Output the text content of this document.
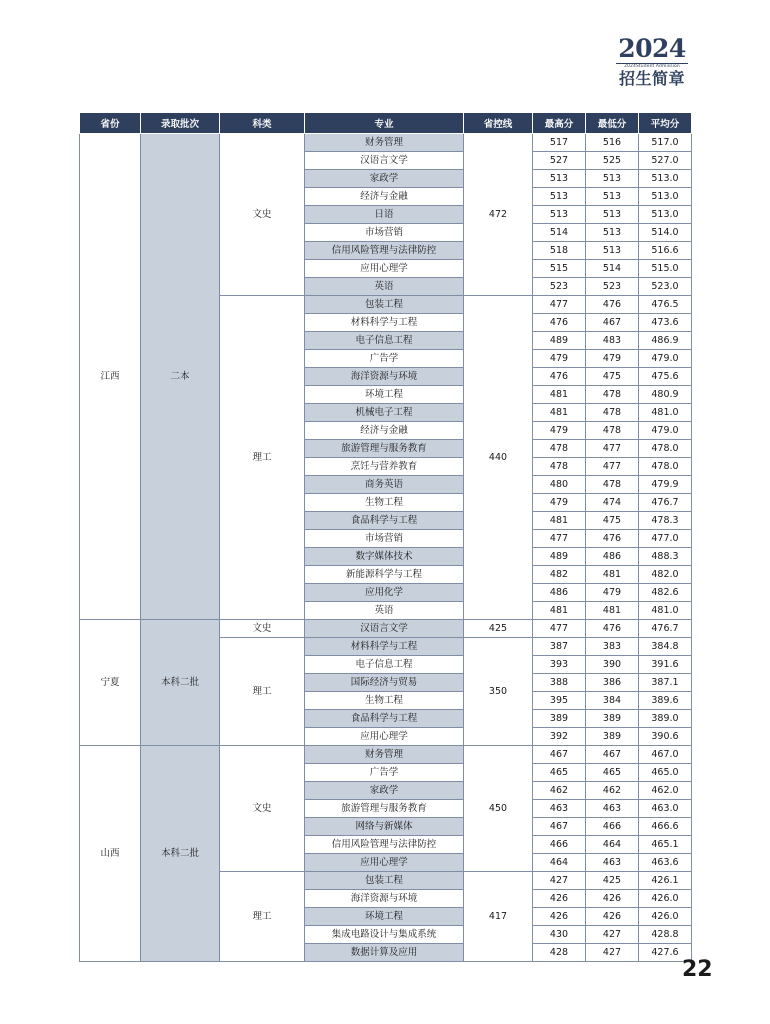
2024
2024Student Admission
招生简章
省份	录取批次	科类	专业	省控线	最高分	最低分	平均分
江西	二本	文史	财务管理	472	517	516	517.0
			汉语言文学		527	525	527.0
			家政学		513	513	513.0
			经济与金融		513	513	513.0
			日语		513	513	513.0
			市场营销		514	513	514.0
			信用风险管理与法律防控		518	513	516.6
			应用心理学		515	514	515.0
			英语		523	523	523.0
		理工	包装工程	440	477	476	476.5
			材料科学与工程		476	467	473.6
			电子信息工程		489	483	486.9
			广告学		479	479	479.0
			海洋资源与环境		476	475	475.6
			环境工程		481	478	480.9
			机械电子工程		481	478	481.0
			经济与金融		479	478	479.0
			旅游管理与服务教育		478	477	478.0
			烹饪与营养教育		478	477	478.0
			商务英语		480	478	479.9
			生物工程		479	474	476.7
			食品科学与工程		481	475	478.3
			市场营销		477	476	477.0
			数字媒体技术		489	486	488.3
			新能源科学与工程		482	481	482.0
			应用化学		486	479	482.6
			英语		481	481	481.0
宁夏	本科二批	文史	汉语言文学	425	477	476	476.7
		理工	材料科学与工程	350	387	383	384.8
			电子信息工程		393	390	391.6
			国际经济与贸易		388	386	387.1
			生物工程		395	384	389.6
			食品科学与工程		389	389	389.0
			应用心理学		392	389	390.6
山西	本科二批	文史	财务管理	450	467	467	467.0
			广告学		465	465	465.0
			家政学		462	462	462.0
			旅游管理与服务教育		463	463	463.0
			网络与新媒体		467	466	466.6
			信用风险管理与法律防控		466	464	465.1
			应用心理学		464	463	463.6
		理工	包装工程	417	427	425	426.1
			海洋资源与环境		426	426	426.0
			环境工程		426	426	426.0
			集成电路设计与集成系统		430	427	428.8
			数据计算及应用		428	427	427.6
22
